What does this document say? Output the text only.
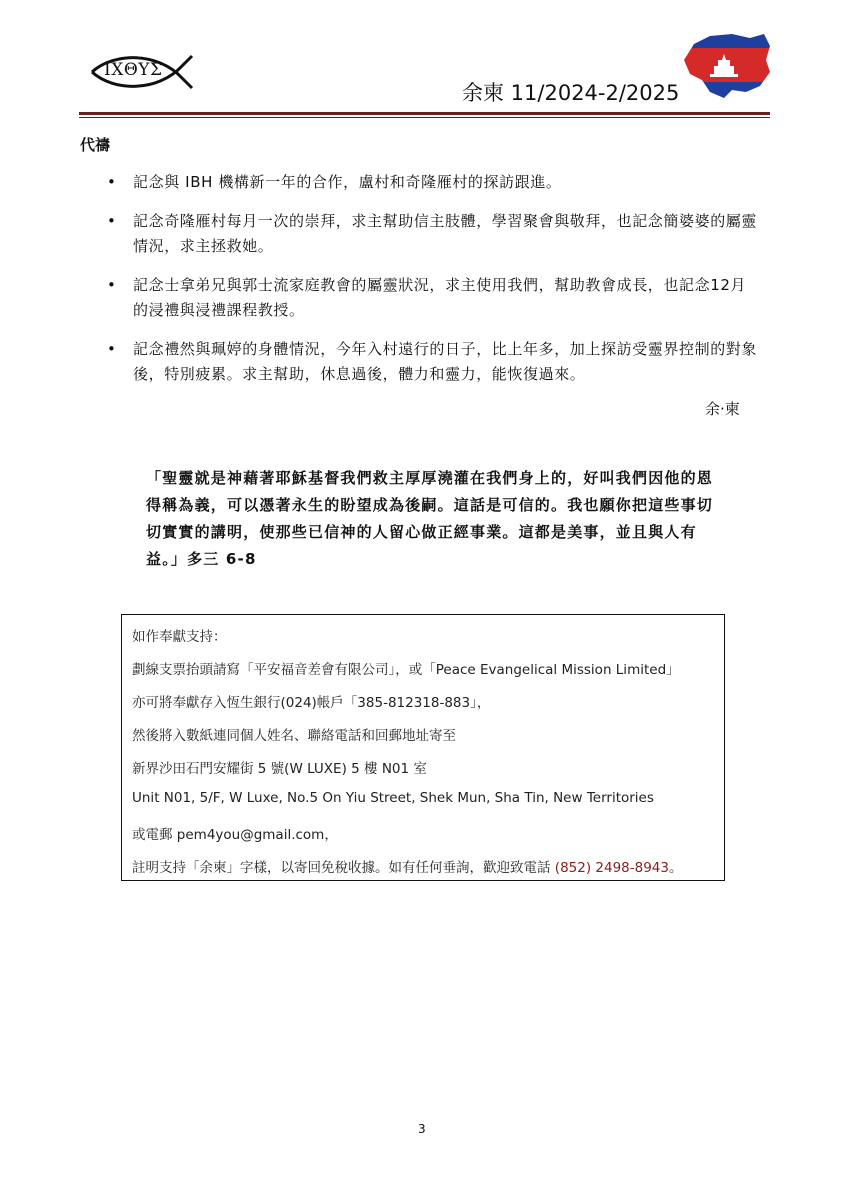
ΙΧΘΥΣ
余柬 11/2024-2/2025
代禱
• 記念與 IBH 機構新一年的合作，盧村和奇隆雁村的探訪跟進。
• 記念奇隆雁村每月一次的崇拜，求主幫助信主肢體，學習聚會與敬拜，也記念簡婆婆的屬靈情況，求主拯救她。
• 記念士拿弟兄與郭士流家庭教會的屬靈狀況，求主使用我們，幫助教會成長，也記念12月的浸禮與浸禮課程教授。
• 記念禮然與珮婷的身體情況，今年入村遠行的日子，比上年多，加上探訪受靈界控制的對象後，特別疲累。求主幫助，休息過後，體力和靈力，能恢復過來。
余‧柬
「聖靈就是神藉著耶穌基督我們救主厚厚澆灌在我們身上的，好叫我們因他的恩得稱為義，可以憑著永生的盼望成為後嗣。這話是可信的。我也願你把這些事切切實實的講明，使那些已信神的人留心做正經事業。這都是美事，並且與人有益。」多三 6-8
如作奉獻支持：
劃線支票抬頭請寫「平安福音差會有限公司」，或「Peace Evangelical Mission Limited」
亦可將奉獻存入恆生銀行(024)帳戶「385-812318-883」，
然後將入數紙連同個人姓名、聯絡電話和回郵地址寄至
新界沙田石門安耀街 5 號(W LUXE) 5 樓 N01 室
Unit N01, 5/F, W Luxe, No.5 On Yiu Street, Shek Mun, Sha Tin, New Territories
或電郵 pem4you@gmail.com，
註明支持「余柬」字樣，以寄回免稅收據。如有任何垂詢，歡迎致電話 (852) 2498-8943。
3
